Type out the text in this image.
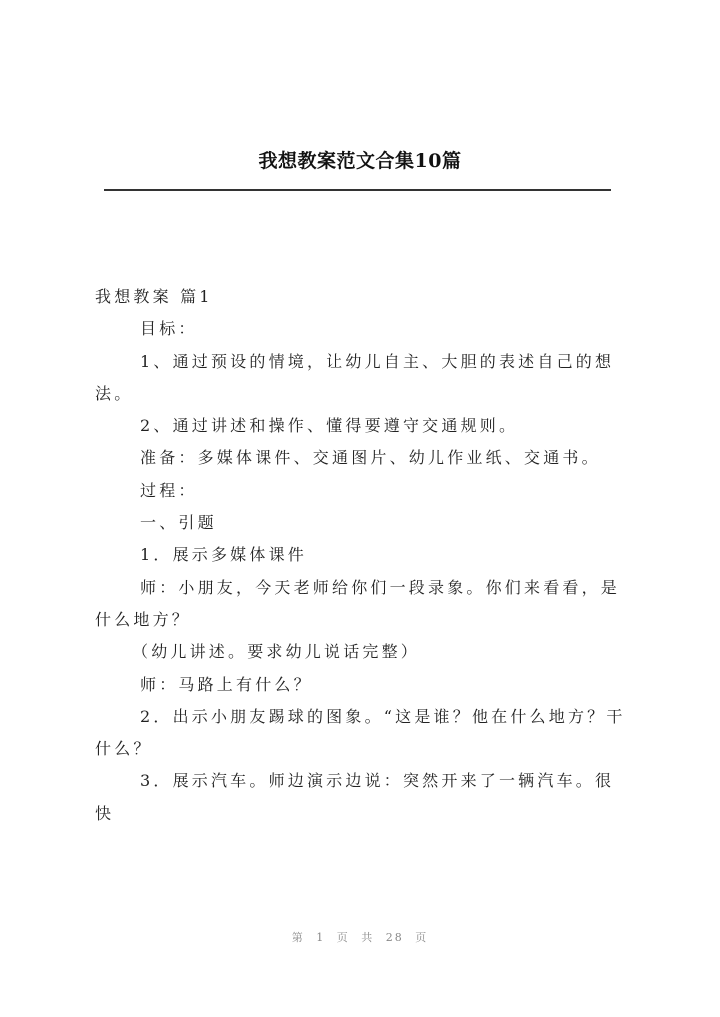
我想教案范文合集10篇

我想教案 篇1

目标：

1、通过预设的情境，让幼儿自主、大胆的表述自己的想法。

2、通过讲述和操作、懂得要遵守交通规则。

准备：多媒体课件、交通图片、幼儿作业纸、交通书。

过程：

一、引题

1．展示多媒体课件

师：小朋友，今天老师给你们一段录象。你们来看看，是什么地方？

（幼儿讲述。要求幼儿说话完整）

师：马路上有什么？

2．出示小朋友踢球的图象。“这是谁？他在什么地方？干什么？

3．展示汽车。师边演示边说：突然开来了一辆汽车。很快

第 1 页 共 28 页
